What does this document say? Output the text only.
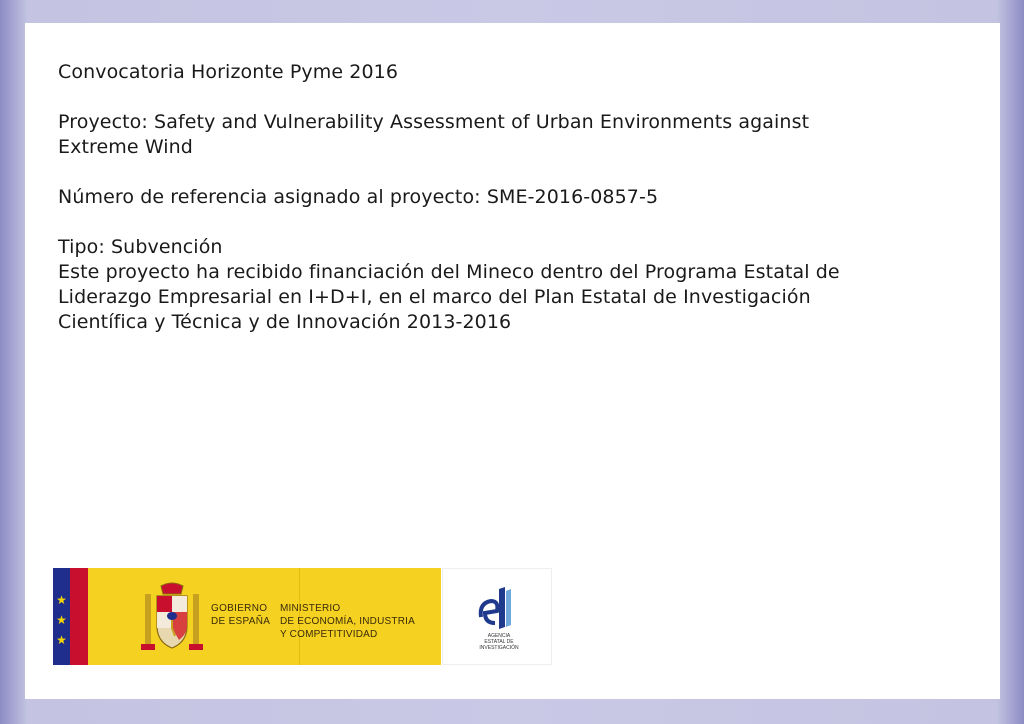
Convocatoria Horizonte Pyme 2016

Proyecto: Safety and Vulnerability Assessment of Urban Environments against

Extreme Wind

Número de referencia asignado al proyecto: SME-2016-0857-5

Tipo: Subvención

Este proyecto ha recibido financiación del Mineco dentro del Programa Estatal de

Liderazgo Empresarial en I+D+I, en el marco del Plan Estatal de Investigación

Científica y Técnica y de Innovación 2013-2016

★
★
★
GOBIERNO
DE ESPAÑA
MINISTERIO
DE ECONOMÍA, INDUSTRIA
Y COMPETITIVIDAD	AGENCIA
ESTATAL DE
INVESTIGACIÓN
